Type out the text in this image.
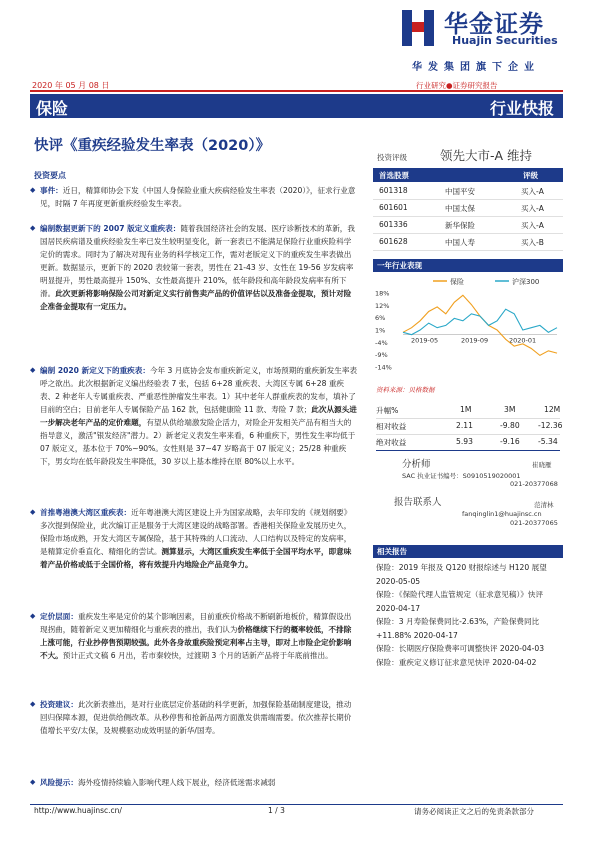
华金证券
Huajin Securities
华发集团旗下企业
2020 年 05 月 08 日	行业研究●证券研究报告
保险	行业快报
快评《重疾经验发生率表（2020）》
投资要点
◆ 事件：近日，精算师协会下发《中国人身保险业重大疾病经验发生率表（2020）》，征求行业意见，时隔 7 年再度更新重疾经验发生率表。
◆ 编制数据更新下的 2007 版定义重疾表：随着我国经济社会的发展、医疗诊断技术的革新，我国居民疾病谱及重疾经验发生率已发生较明显变化，新一套表已不能满足保险行业重疾险科学定价的需求。同时为了解决对现有业务的科学核定工作，需对老版定义下的重疾发生率表做出更新。数据显示，更新下的 2020 表较第一套表，男性在 21-43 岁、女性在 19-56 岁发病率明显提升，男性最高提升 150%、女性最高提升 210%，低年龄段和高年龄段发病率有所下滑。此次更新将影响保险公司对新定义实行前售卖产品的价值评估以及准备金提取，预计对险企准备金提取有一定压力。
◆ 编制 2020 新定义下的重疾表：今年 3 月底协会发布重疾新定义，市场预期的重疾新发生率表呼之欲出。此次根据新定义编出经验表 7 张，包括 6+28 重疾表、大湾区专属 6+28 重疾表、2 种老年人专属重疾表、严重恶性肿瘤发生率表。1）其中老年人群重疾表的发布，填补了目前的空白；目前老年人专属保险产品 162 款，包括健康险 11 款、寿险 7 款；此次从源头进一步解决老年产品的定价难题，有望从供给端激发险企活力，对险企开发相关产品有相当大的指导意义，激活"银发经济"潜力。2）新老定义表发生率来看，6 种重疾下，男性发生率均低于 07 版定义，基本位于 70%~90%。女性则是 37~47 岁略高于 07 版定义；25/28 种重疾下，男女均在低年龄段发生率降低，30 岁以上基本维持在原 80%以上水平。
◆ 首推粤港澳大湾区重疾表：近年粤港澳大湾区建设上升为国家战略，去年印发的《规划纲要》多次提到保险业，此次编订正是服务于大湾区建设的战略部署。香港相关保险业发展历史久，保险市场成熟，开发大湾区专属保险，基于其特殊的人口流动、人口结构以及特定的发病率，是精算定价垂直化、精细化的尝试。测算显示，大湾区重疾发生率低于全国平均水平，即意味着产品价格或低于全国价格，将有效提升内地险企产品竞争力。
◆ 定价层面：重疾发生率是定价的某个影响因素，目前重疾价格战不断刷新地板价，精算假设出现拐曲，随着新定义更加精细化与重疾表的推出，我们认为价格继续下行的概率较低，不排除上涨可能，行业抄停售预期较强。此外各身故重疾险预定利率占主导，即对上市险企定价影响不大。预计正式文稿 6 月出，若市秦较快，过渡期 3 个月的话新产品将于年底前推出。
◆ 投资建议：此次新表推出，是对行业底层定价基础的科学更新，加强保险基础制度建设，推动回归保障本源，促进供给侧改革。从秒停售和抢新品两方面激发供需端需要。依次推荐长期价值增长平安/太保，及规模驱动成效明显的新华/国寿。
◆ 风险提示：海外疫情持续输入影响代理人线下展业，经济低迷需求减弱
投资评级	领先大市-A 维持
首选股票	评级
601318	中国平安	买入-A
601601	中国太保	买入-A
601336	新华保险	买入-A
601628	中国人寿	买入-B
一年行业表现
保险	沪深300
18%
12%
6%
1%
-4%
-9%
-14%
2019-05	2019-09	2020-01
资料来源：贝格数据
升幅%	1M	3M	12M
相对收益	2.11	-9.80 -12.36
绝对收益	5.93	-9.16 -5.34
分析师	崔晓雁
SAC 执业证书编号：S0910519020001
021-20377068
报告联系人	范清林
fanqinglin1@huajinsc.cn
021-20377065
相关报告
保险：2019 年报及 Q120 财报综述与 H120 展望 2020-05-05
保险：《保险代理人监管规定（征求意见稿）》快评 2020-04-17
保险：3 月寿险保费同比-2.63%，产险保费同比+11.88% 2020-04-17
保险：长期医疗保险费率可调整快评 2020-04-03
保险：重疾定义修订征求意见快评 2020-04-02
http://www.huajinsc.cn/	1 / 3	请务必阅读正文之后的免责条款部分
